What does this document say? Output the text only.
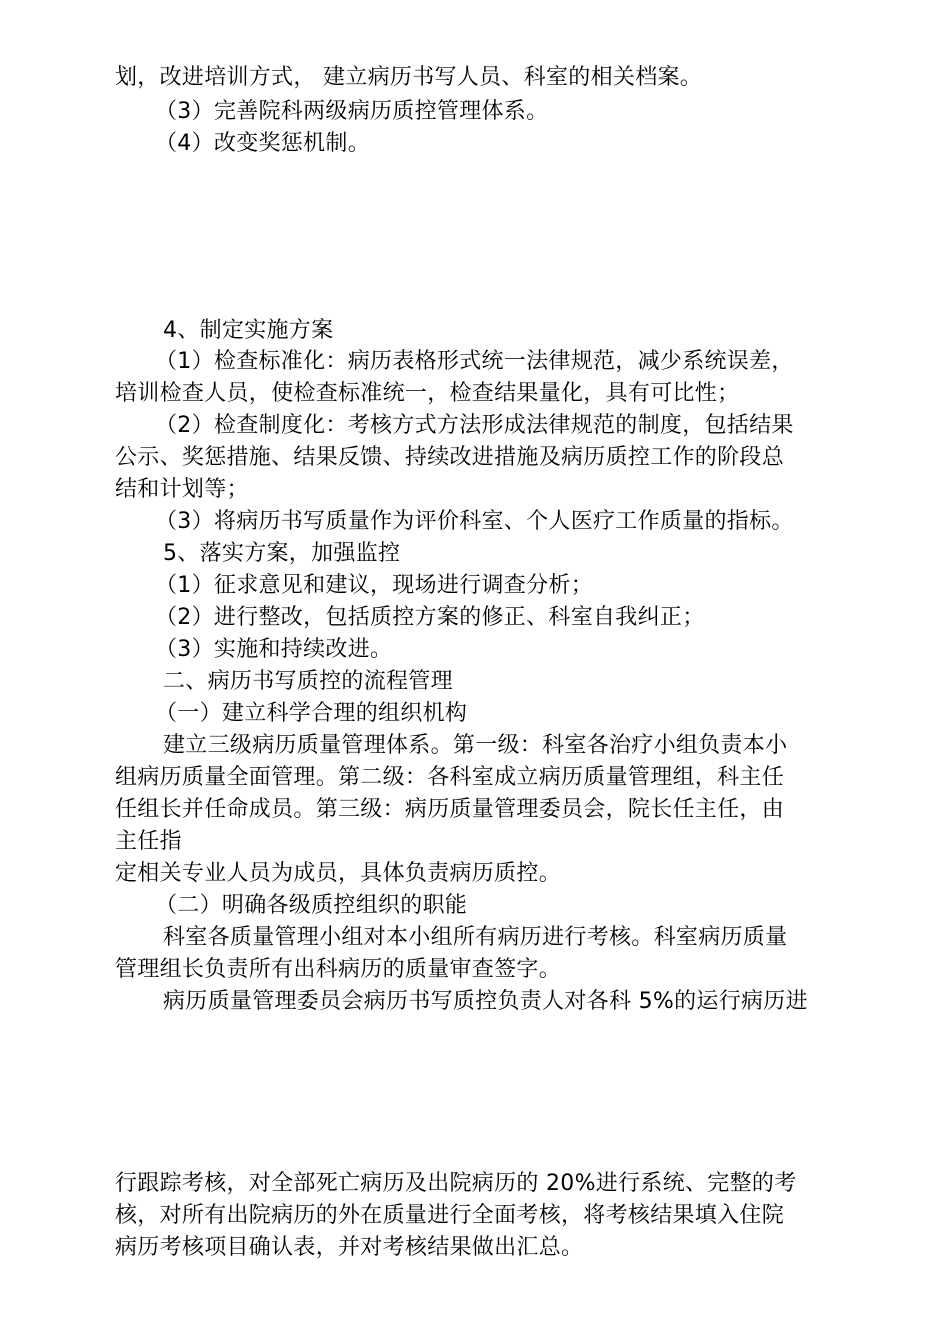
划，改进培训方式， 建立病历书写人员、科室的相关档案。
（3）完善院科两级病历质控管理体系。
（4）改变奖惩机制。
4、制定实施方案
（1）检查标准化：病历表格形式统一法律规范，减少系统误差，
培训检查人员，使检查标准统一，检查结果量化，具有可比性；
（2）检查制度化：考核方式方法形成法律规范的制度，包括结果
公示、奖惩措施、结果反馈、持续改进措施及病历质控工作的阶段总
结和计划等；
（3）将病历书写质量作为评价科室、个人医疗工作质量的指标。
5、落实方案，加强监控
（1）征求意见和建议，现场进行调查分析；
（2）进行整改，包括质控方案的修正、科室自我纠正；
（3）实施和持续改进。
二、病历书写质控的流程管理
（一）建立科学合理的组织机构
建立三级病历质量管理体系。第一级：科室各治疗小组负责本小
组病历质量全面管理。第二级：各科室成立病历质量管理组，科主任
任组长并任命成员。第三级：病历质量管理委员会，院长任主任，由
主任指
定相关专业人员为成员，具体负责病历质控。
（二）明确各级质控组织的职能
科室各质量管理小组对本小组所有病历进行考核。科室病历质量
管理组长负责所有出科病历的质量审查签字。
病历质量管理委员会病历书写质控负责人对各科 5%的运行病历进
行跟踪考核，对全部死亡病历及出院病历的 20%进行系统、完整的考
核，对所有出院病历的外在质量进行全面考核，将考核结果填入住院
病历考核项目确认表，并对考核结果做出汇总。
